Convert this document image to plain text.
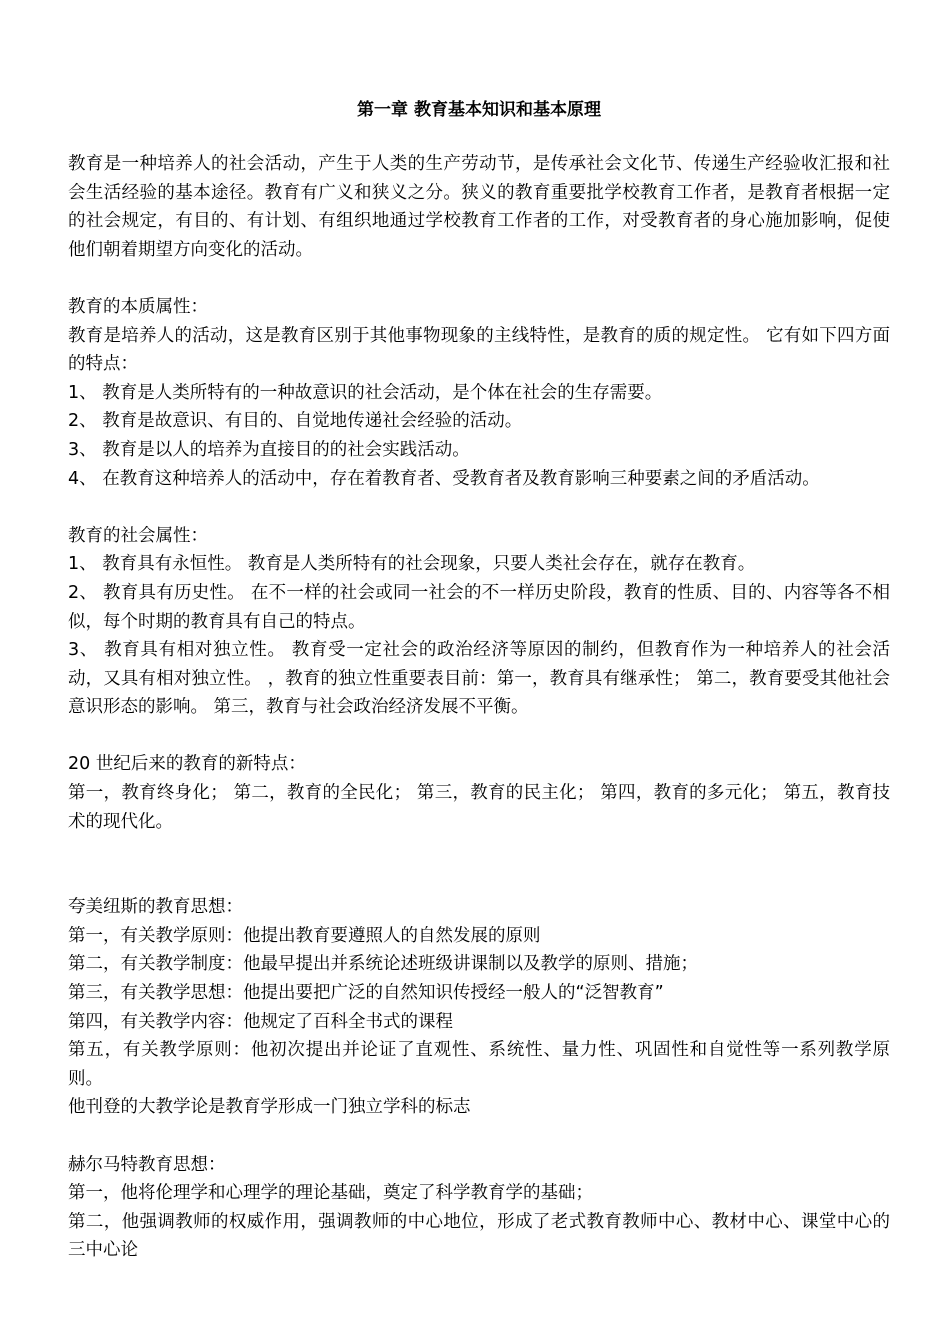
第一章 教育基本知识和基本原理

教育是一种培养人的社会活动，产生于人类的生产劳动节，是传承社会文化节、传递生产经验收汇报和社会生活经验的基本途径。教育有广义和狭义之分。狭义的教育重要批学校教育工作者，是教育者根据一定的社会规定，有目的、有计划、有组织地通过学校教育工作者的工作，对受教育者的身心施加影响，促使他们朝着期望方向变化的活动。

教育的本质属性：

教育是培养人的活动，这是教育区别于其他事物现象的主线特性，是教育的质的规定性。 它有如下四方面的特点：

1、 教育是人类所特有的一种故意识的社会活动，是个体在社会的生存需要。

2、 教育是故意识、有目的、自觉地传递社会经验的活动。

3、 教育是以人的培养为直接目的的社会实践活动。

4、 在教育这种培养人的活动中，存在着教育者、受教育者及教育影响三种要素之间的矛盾活动。

教育的社会属性：

1、 教育具有永恒性。 教育是人类所特有的社会现象，只要人类社会存在，就存在教育。

2、 教育具有历史性。 在不一样的社会或同一社会的不一样历史阶段，教育的性质、目的、内容等各不相似，每个时期的教育具有自己的特点。

3、 教育具有相对独立性。 教育受一定社会的政治经济等原因的制约，但教育作为一种培养人的社会活动，又具有相对独立性。 ，教育的独立性重要表目前：第一，教育具有继承性； 第二，教育要受其他社会意识形态的影响。 第三，教育与社会政治经济发展不平衡。

20 世纪后来的教育的新特点：

第一，教育终身化； 第二，教育的全民化； 第三，教育的民主化； 第四，教育的多元化； 第五，教育技术的现代化。

夸美纽斯的教育思想：

第一，有关教学原则：他提出教育要遵照人的自然发展的原则

第二，有关教学制度：他最早提出并系统论述班级讲课制以及教学的原则、措施；

第三，有关教学思想：他提出要把广泛的自然知识传授经一般人的“泛智教育”

第四，有关教学内容：他规定了百科全书式的课程

第五，有关教学原则：他初次提出并论证了直观性、系统性、量力性、巩固性和自觉性等一系列教学原则。

他刊登的大教学论是教育学形成一门独立学科的标志

赫尔马特教育思想：

第一，他将伦理学和心理学的理论基础，奠定了科学教育学的基础；

第二，他强调教师的权威作用，强调教师的中心地位，形成了老式教育教师中心、教材中心、课堂中心的三中心论
